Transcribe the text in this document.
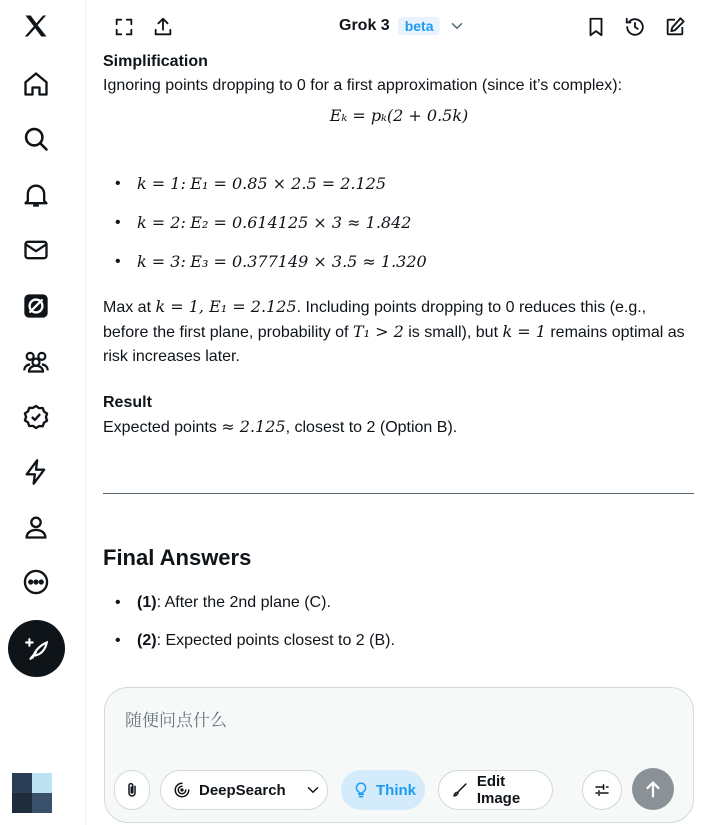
Grok 3	beta
Simplification
Ignoring points dropping to 0 for a first approximation (since it’s complex):
Eₖ = pₖ(2 + 0.5k)
• k = 1: E₁ = 0.85 × 2.5 = 2.125
• k = 2: E₂ = 0.614125 × 3 ≈ 1.842
• k = 3: E₃ = 0.377149 × 3.5 ≈ 1.320
Max at k = 1, E₁ = 2.125. Including points dropping to 0 reduces this (e.g., before the first plane, probability of T₁ > 2 is small), but k = 1 remains optimal as risk increases later.
Result
Expected points ≈ 2.125, closest to 2 (Option B).
Final Answers
• (1): After the 2nd plane (C).
• (2): Expected points closest to 2 (B).
随便问点什么
DeepSearch	Think	Edit Image
